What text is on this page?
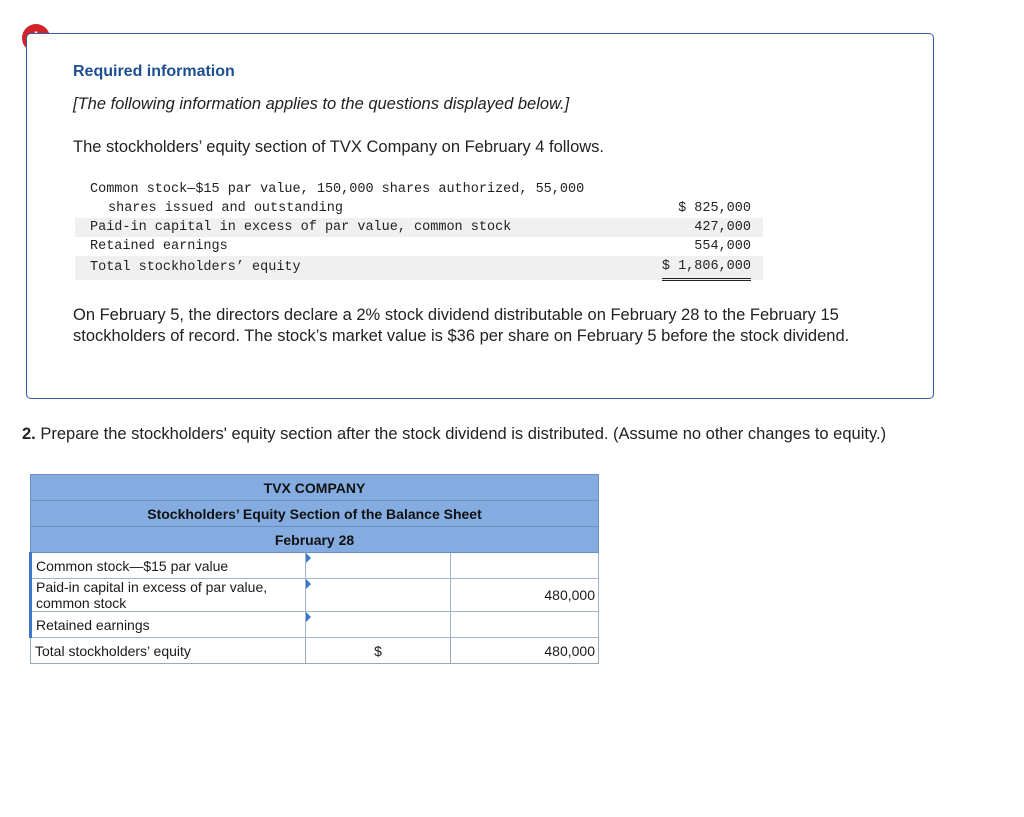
Required information
[The following information applies to the questions displayed below.]
The stockholders’ equity section of TVX Company on February 4 follows.
Common stock—$15 par value, 150,000 shares authorized, 55,000
shares issued and outstanding	$ 825,000
Paid-in capital in excess of par value, common stock	427,000
Retained earnings	554,000
Total stockholders’ equity	$ 1,806,000
On February 5, the directors declare a 2% stock dividend distributable on February 28 to the February 15 stockholders of record. The stock’s market value is $36 per share on February 5 before the stock dividend.
2. Prepare the stockholders' equity section after the stock dividend is distributed. (Assume no other changes to equity.)
TVX COMPANY		
Stockholders’ Equity Section of the Balance Sheet		
February 28		
Common stock—$15 par value	

Paid-in capital in excess of par value, common stock		480,000
Retained earnings	

Total stockholders’ equity	$	480,000
